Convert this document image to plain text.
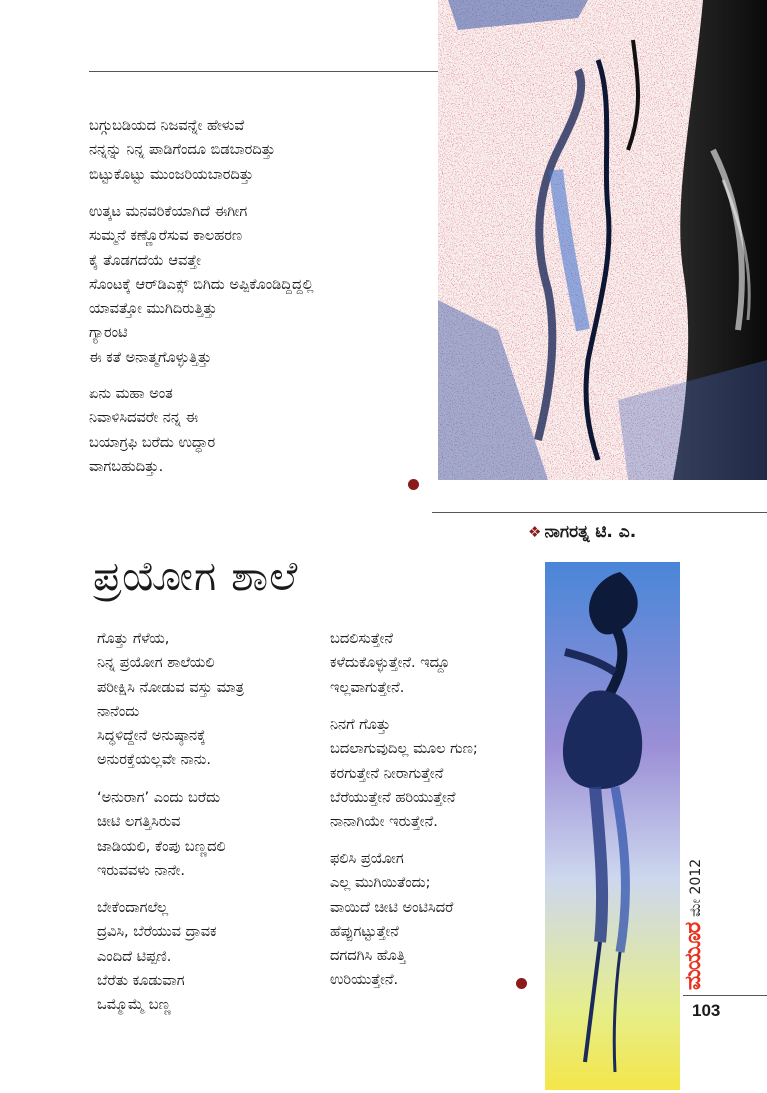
ಬಗ್ಗುಬಡಿಯದ ನಿಜವನ್ನೇ ಹೇಳುವೆ
ನನ್ನನ್ನು ನಿನ್ನ ಪಾಡಿಗೆಂದೂ ಬಿಡಬಾರದಿತ್ತು
ಬಿಟ್ಟುಕೊಟ್ಟು ಮುಂಜರಿಯಬಾರದಿತ್ತು
ಉತ್ಕಟ ಮನವರಿಕೆಯಾಗಿದೆ ಈಗೀಗ
ಸುಮ್ಮನೆ ಕಣ್ಣೊರೆಸುವ ಕಾಲಹರಣ
ಕೈ ತೊಡಗದೆಯೆ ಆವತ್ತೇ
ಸೊಂಟಕ್ಕೆ ಆರ್‌ಡಿಎಕ್ಸ್ ಬಿಗಿದು ಅಪ್ಪಿಕೊಂಡಿದ್ದಿದ್ದಲ್ಲಿ
ಯಾವತ್ತೋ ಮುಗಿದಿರುತ್ತಿತ್ತು
ಗ್ಯಾರಂಟಿ
ಈ ಕತೆ ಅನಾತ್ಮಗೊಳ್ಳುತ್ತಿತ್ತು
ಏನು ಮಹಾ ಅಂತ
ನಿವಾಳಿಸಿದವರೇ ನನ್ನ ಈ
ಬಯಾಗ್ರಫಿ ಬರೆದು ಉದ್ಧಾರ
ವಾಗಬಹುದಿತ್ತು.
❖ ನಾಗರತ್ನ ಟಿ. ಎ.
ಪ್ರಯೋಗ ಶಾಲೆ
ಗೊತ್ತು ಗೆಳೆಯ,
ನಿನ್ನ ಪ್ರಯೋಗ ಶಾಲೆಯಲಿ
ಪರೀಕ್ಷಿಸಿ ನೋಡುವ ವಸ್ತು ಮಾತ್ರ
ನಾನೆಂದು
ಸಿದ್ಧಳಿದ್ದೇನೆ ಅನುಷ್ಠಾನಕ್ಕೆ
ಅನುರಕ್ತೆಯಲ್ಲವೇ ನಾನು.
‘ಅನುರಾಗ’ ಎಂದು ಬರೆದು
ಚೀಟಿ ಲಗತ್ತಿಸಿರುವ
ಜಾಡಿಯಲಿ, ಕೆಂಪು ಬಣ್ಣದಲಿ
ಇರುವವಳು ನಾನೇ.
ಬೇಕೆಂದಾಗಲೆಲ್ಲ
ದ್ರವಿಸಿ, ಬೆರೆಯುವ ದ್ರಾವಕ
ಎಂದಿದೆ ಟಿಪ್ಪಣಿ.
ಬೆರೆತು ಕೂಡುವಾಗ
ಒಮ್ಮೊಮ್ಮೆ ಬಣ್ಣ
ಬದಲಿಸುತ್ತೇನೆ
ಕಳೆದುಕೊಳ್ಳುತ್ತೇನೆ. ಇದ್ದೂ
ಇಲ್ಲವಾಗುತ್ತೇನೆ.
ನಿನಗೆ ಗೊತ್ತು
ಬದಲಾಗುವುದಿಲ್ಲ ಮೂಲ ಗುಣ;
ಕರಗುತ್ತೇನೆ ನೀರಾಗುತ್ತೇನೆ
ಬೆರೆಯುತ್ತೇನೆ ಹರಿಯುತ್ತೇನೆ
ನಾನಾಗಿಯೇ ಇರುತ್ತೇನೆ.
ಫಲಿಸಿ ಪ್ರಯೋಗ
ಎಲ್ಲ ಮುಗಿಯಿತೆಂದು;
ವಾಯಿದೆ ಚೀಟಿ ಅಂಟಿಸಿದರೆ
ಹೆಪ್ಪುಗಟ್ಟುತ್ತೇನೆ
ದಗದಗಿಸಿ ಹೊತ್ತಿ
ಉರಿಯುತ್ತೇನೆ.	ಮಯೂರಮೇ 2012
103
